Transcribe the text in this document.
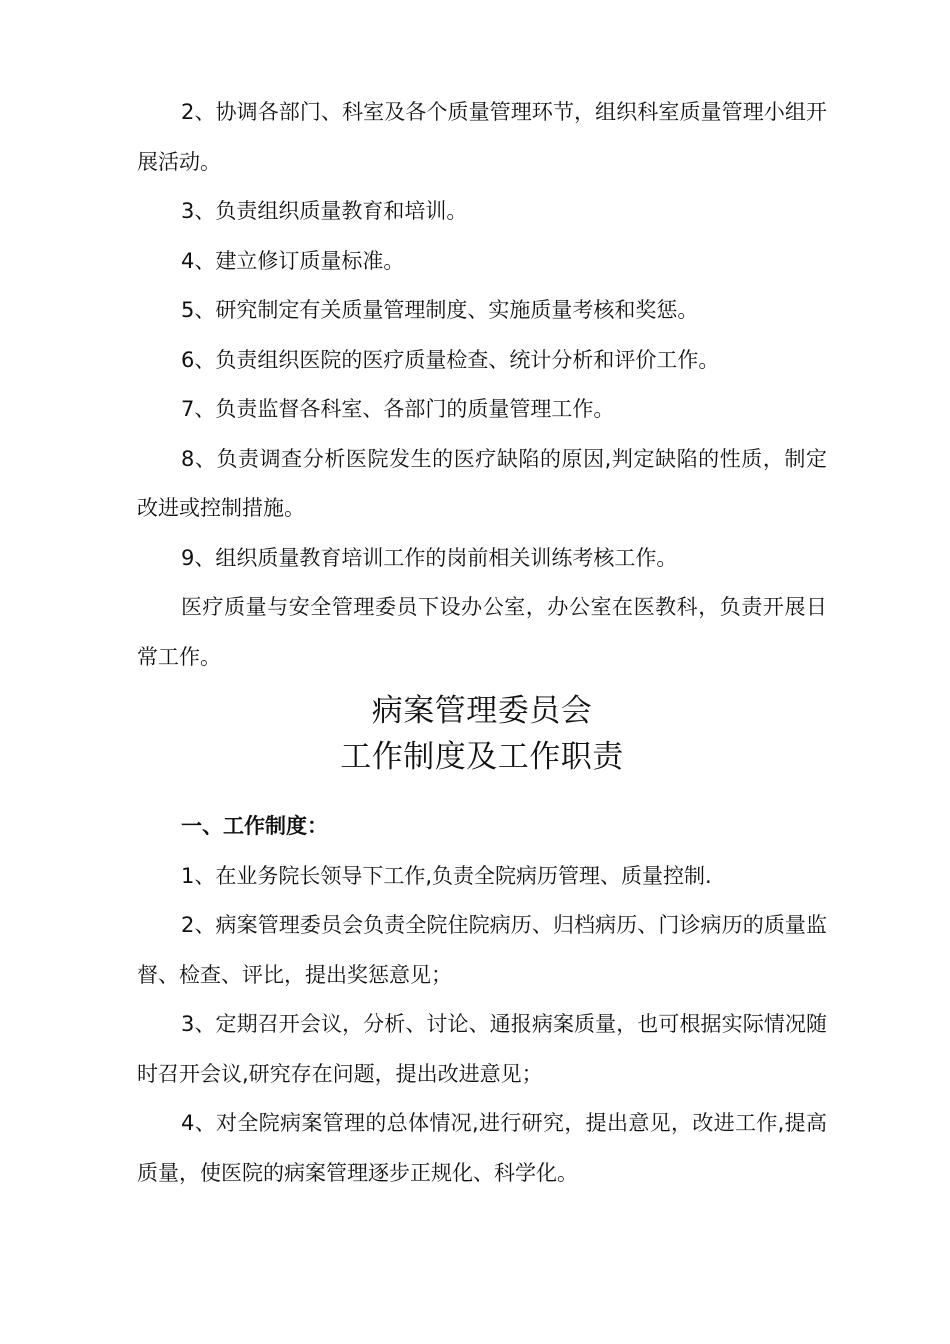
2、协调各部门、科室及各个质量管理环节，组织科室质量管理小组开展活动。

3、负责组织质量教育和培训。

4、建立修订质量标准。

5、研究制定有关质量管理制度、实施质量考核和奖惩。

6、负责组织医院的医疗质量检查、统计分析和评价工作。

7、负责监督各科室、各部门的质量管理工作。

8、负责调查分析医院发生的医疗缺陷的原因,判定缺陷的性质，制定改进或控制措施。

9、组织质量教育培训工作的岗前相关训练考核工作。

医疗质量与安全管理委员下设办公室，办公室在医教科，负责开展日常工作。

病案管理委员会
工作制度及工作职责

一、工作制度：

1、在业务院长领导下工作,负责全院病历管理、质量控制.

2、病案管理委员会负责全院住院病历、归档病历、门诊病历的质量监督、检查、评比，提出奖惩意见；

3、定期召开会议，分析、讨论、通报病案质量，也可根据实际情况随时召开会议,研究存在问题，提出改进意见；

4、对全院病案管理的总体情况,进行研究，提出意见，改进工作,提高质量，使医院的病案管理逐步正规化、科学化。
